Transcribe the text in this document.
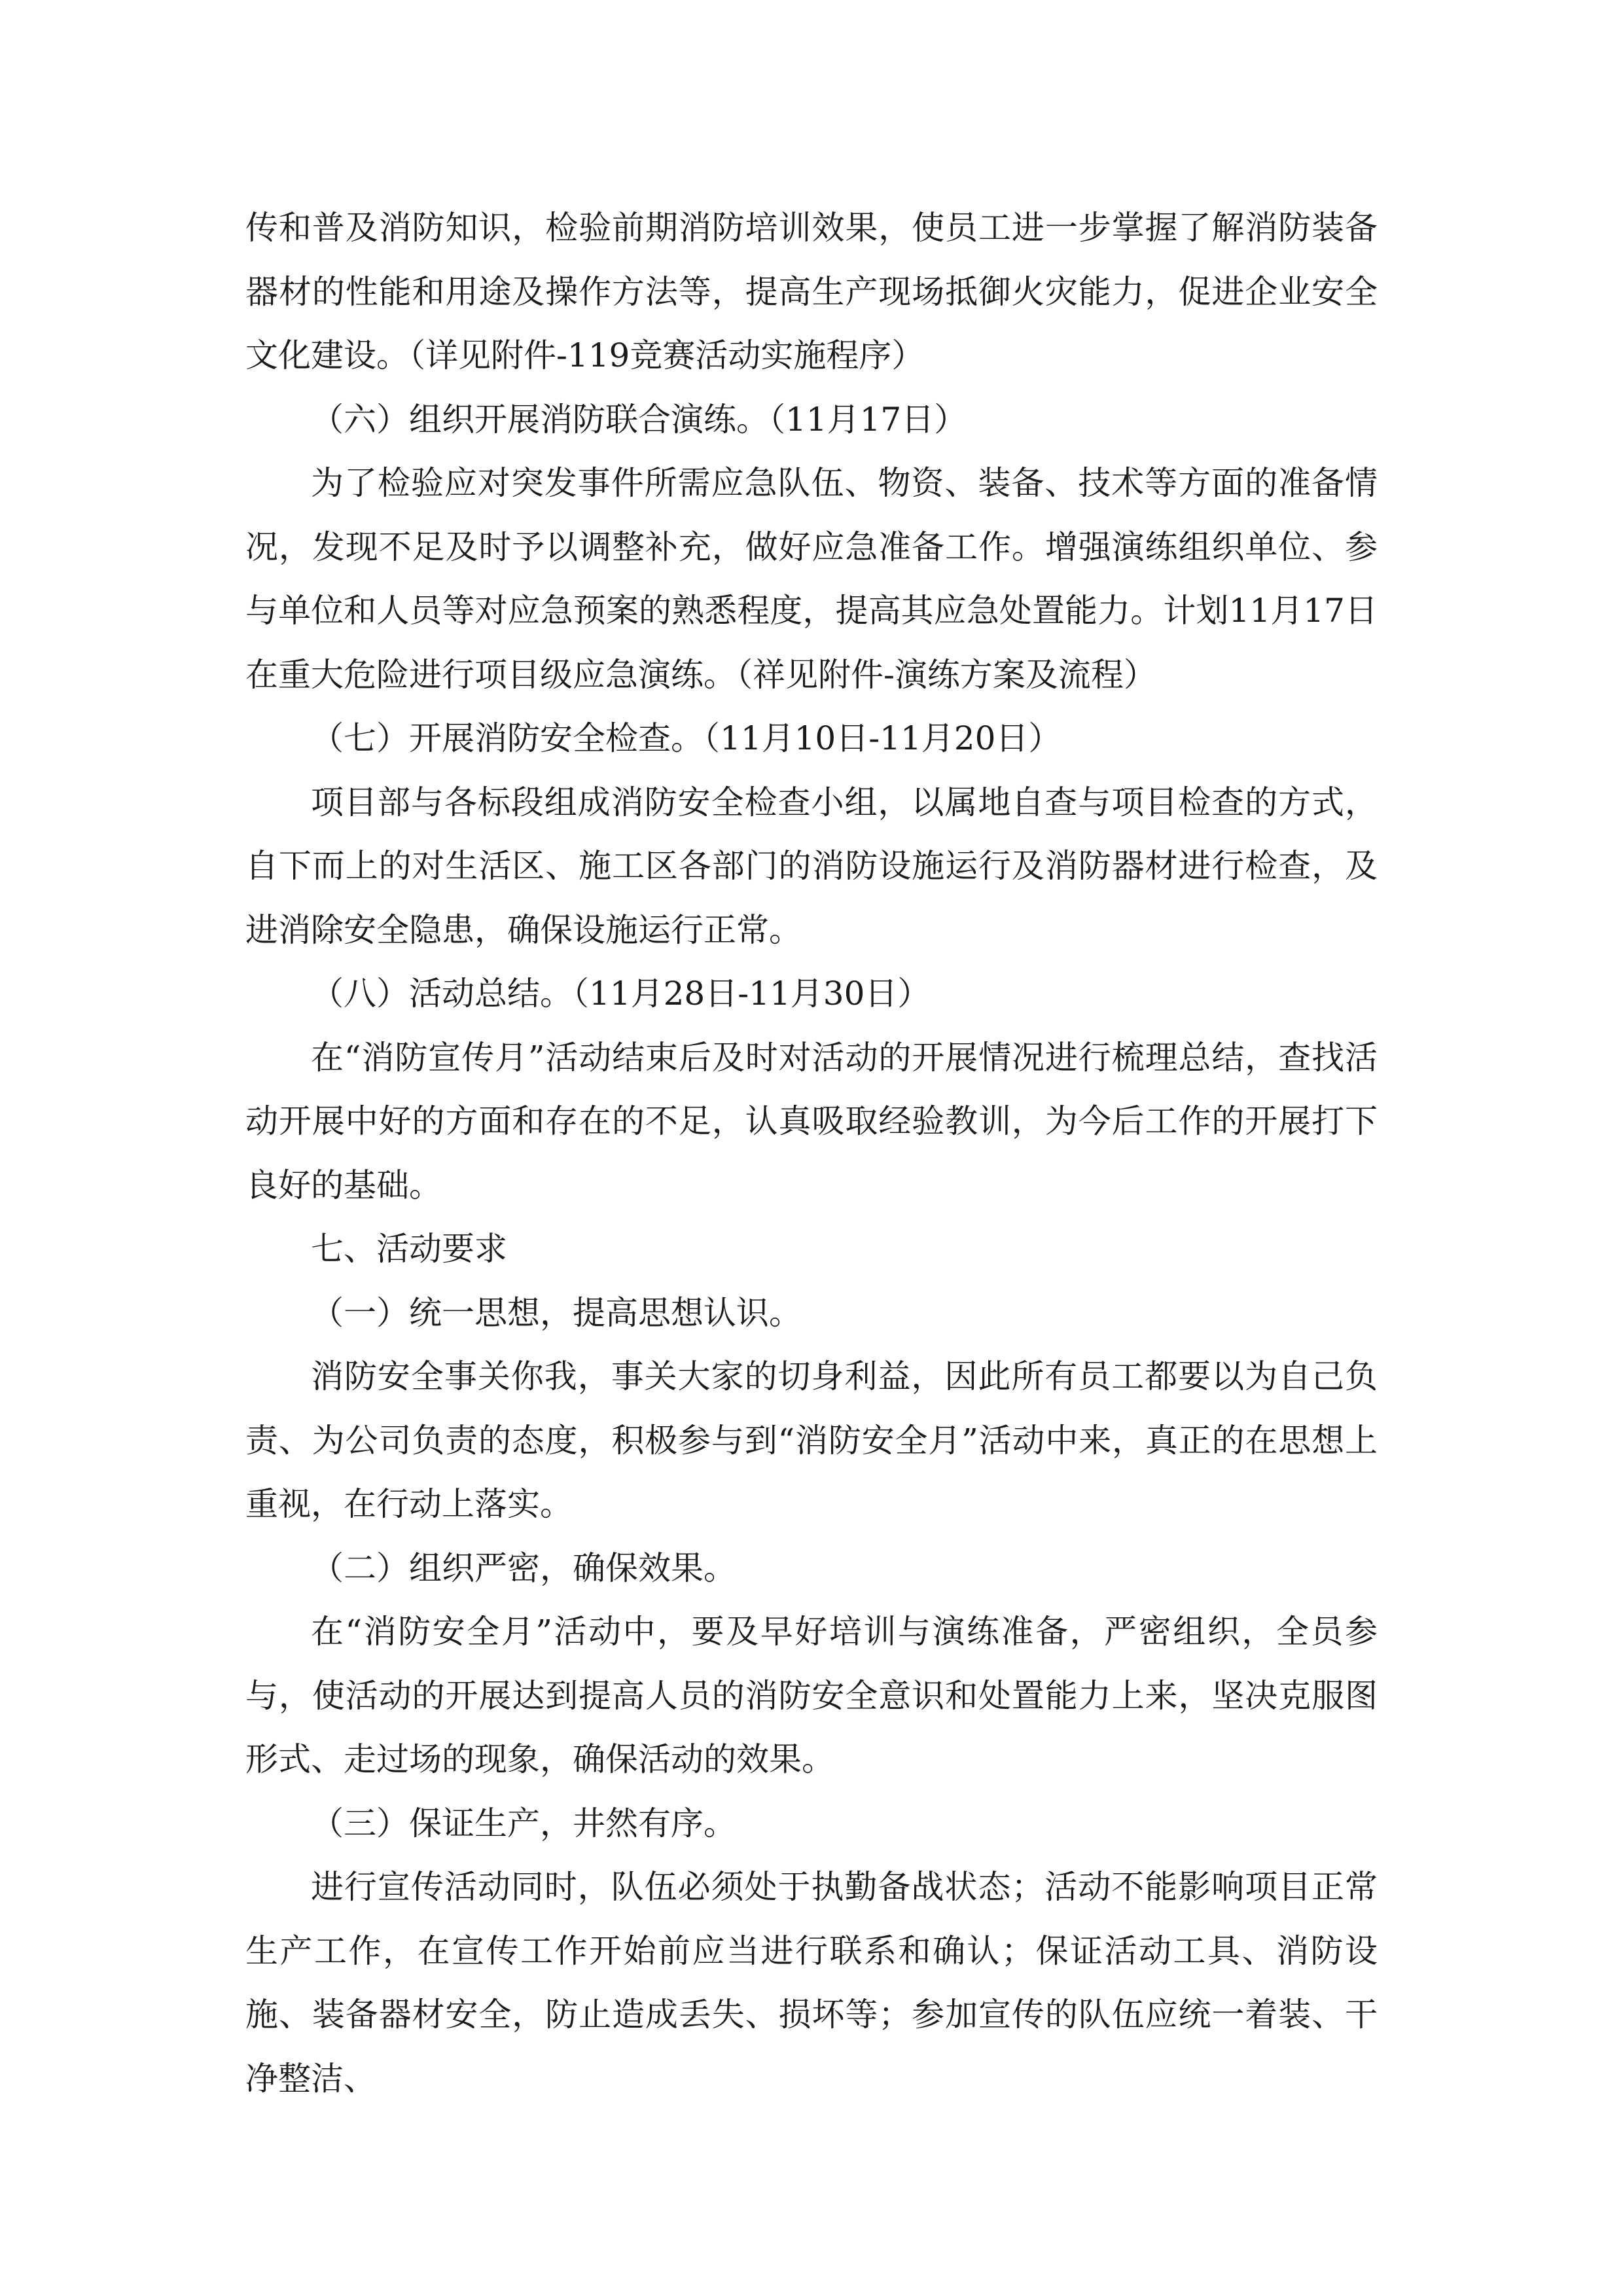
传和普及消防知识，检验前期消防培训效果，使员工进一步掌握了解消防装备器材的性能和用途及操作方法等，提高生产现场抵御火灾能力，促进企业安全文化建设。（详见附件-119竞赛活动实施程序）

（六）组织开展消防联合演练。（11月17日）

为了检验应对突发事件所需应急队伍、物资、装备、技术等方面的准备情况，发现不足及时予以调整补充，做好应急准备工作。增强演练组织单位、参与单位和人员等对应急预案的熟悉程度，提高其应急处置能力。计划11月17日在重大危险进行项目级应急演练。（祥见附件-演练方案及流程）

（七）开展消防安全检查。（11月10日-11月20日）

项目部与各标段组成消防安全检查小组，以属地自查与项目检查的方式，自下而上的对生活区、施工区各部门的消防设施运行及消防器材进行检查，及进消除安全隐患，确保设施运行正常。

（八）活动总结。（11月28日-11月30日）

在“消防宣传月”活动结束后及时对活动的开展情况进行梳理总结，查找活动开展中好的方面和存在的不足，认真吸取经验教训，为今后工作的开展打下良好的基础。

七、活动要求

（一）统一思想，提高思想认识。

消防安全事关你我，事关大家的切身利益，因此所有员工都要以为自己负责、为公司负责的态度，积极参与到“消防安全月”活动中来，真正的在思想上重视，在行动上落实。

（二）组织严密，确保效果。

在“消防安全月”活动中，要及早好培训与演练准备，严密组织，全员参与，使活动的开展达到提高人员的消防安全意识和处置能力上来，坚决克服图形式、走过场的现象，确保活动的效果。

（三）保证生产，井然有序。

进行宣传活动同时，队伍必须处于执勤备战状态；活动不能影响项目正常生产工作，在宣传工作开始前应当进行联系和确认；保证活动工具、消防设施、装备器材安全，防止造成丢失、损坏等；参加宣传的队伍应统一着装、干净整洁、
